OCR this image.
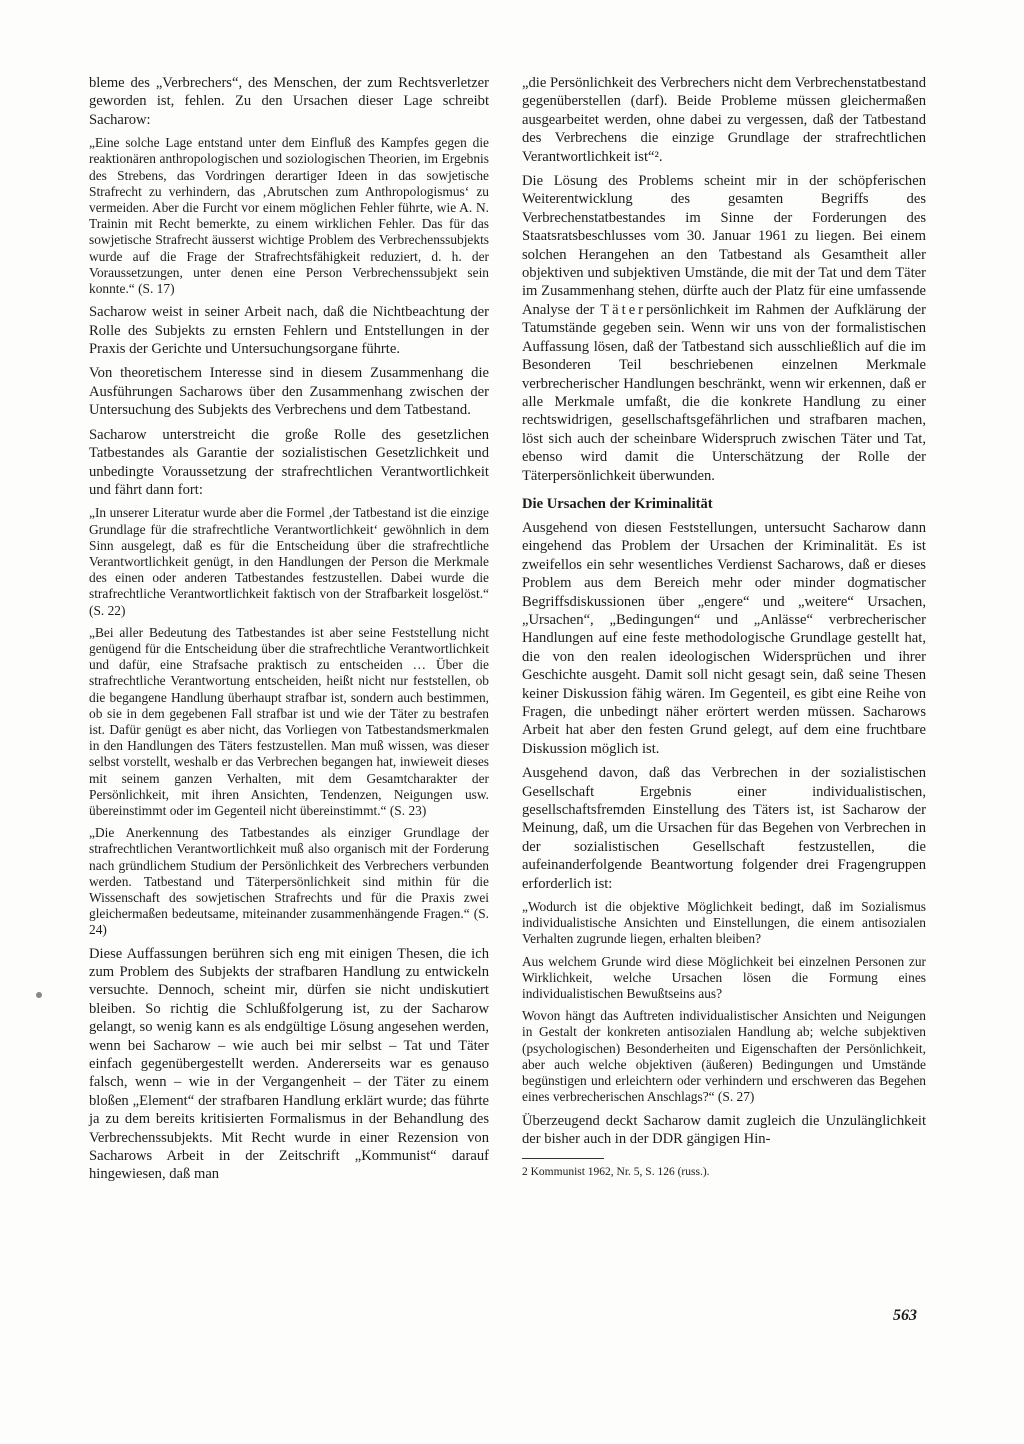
bleme des „Verbrechers“, des Menschen, der zum Rechtsverletzer geworden ist, fehlen. Zu den Ursachen dieser Lage schreibt Sacharow:

„Eine solche Lage entstand unter dem Einfluß des Kampfes gegen die reaktionären anthropologischen und soziologischen Theorien, im Ergebnis des Strebens, das Vordringen derartiger Ideen in das sowjetische Strafrecht zu verhindern, das ‚Abrutschen zum Anthropologismus‘ zu vermeiden. Aber die Furcht vor einem möglichen Fehler führte, wie A. N. Trainin mit Recht bemerkte, zu einem wirklichen Fehler. Das für das sowjetische Strafrecht äusserst wichtige Problem des Verbrechenssubjekts wurde auf die Frage der Strafrechtsfähigkeit reduziert, d. h. der Voraussetzungen, unter denen eine Person Verbrechenssubjekt sein konnte.“ (S. 17)

Sacharow weist in seiner Arbeit nach, daß die Nichtbeachtung der Rolle des Subjekts zu ernsten Fehlern und Entstellungen in der Praxis der Gerichte und Untersuchungsorgane führte.

Von theoretischem Interesse sind in diesem Zusammenhang die Ausführungen Sacharows über den Zusammenhang zwischen der Untersuchung des Subjekts des Verbrechens und dem Tatbestand.

Sacharow unterstreicht die große Rolle des gesetzlichen Tatbestandes als Garantie der sozialistischen Gesetzlichkeit und unbedingte Voraussetzung der strafrechtlichen Verantwortlichkeit und fährt dann fort:

„In unserer Literatur wurde aber die Formel ‚der Tatbestand ist die einzige Grundlage für die strafrechtliche Verantwortlichkeit‘ gewöhnlich in dem Sinn ausgelegt, daß es für die Entscheidung über die strafrechtliche Verantwortlichkeit genügt, in den Handlungen der Person die Merkmale des einen oder anderen Tatbestandes festzustellen. Dabei wurde die strafrechtliche Verantwortlichkeit faktisch von der Strafbarkeit losgelöst.“ (S. 22)

„Bei aller Bedeutung des Tatbestandes ist aber seine Feststellung nicht genügend für die Entscheidung über die strafrechtliche Verantwortlichkeit und dafür, eine Strafsache praktisch zu entscheiden … Über die strafrechtliche Verantwortung entscheiden, heißt nicht nur feststellen, ob die begangene Handlung überhaupt strafbar ist, sondern auch bestimmen, ob sie in dem gegebenen Fall strafbar ist und wie der Täter zu bestrafen ist. Dafür genügt es aber nicht, das Vorliegen von Tatbestandsmerkmalen in den Handlungen des Täters festzustellen. Man muß wissen, was dieser selbst vorstellt, weshalb er das Verbrechen begangen hat, inwieweit dieses mit seinem ganzen Verhalten, mit dem Gesamtcharakter der Persönlichkeit, mit ihren Ansichten, Tendenzen, Neigungen usw. übereinstimmt oder im Gegenteil nicht übereinstimmt.“ (S. 23)

„Die Anerkennung des Tatbestandes als einziger Grundlage der strafrechtlichen Verantwortlichkeit muß also organisch mit der Forderung nach gründlichem Studium der Persönlichkeit des Verbrechers verbunden werden. Tatbestand und Täterpersönlichkeit sind mithin für die Wissenschaft des sowjetischen Strafrechts und für die Praxis zwei gleichermaßen bedeutsame, miteinander zusammenhängende Fragen.“ (S. 24)

Diese Auffassungen berühren sich eng mit einigen Thesen, die ich zum Problem des Subjekts der strafbaren Handlung zu entwickeln versuchte. Dennoch, scheint mir, dürfen sie nicht undiskutiert bleiben. So richtig die Schlußfolgerung ist, zu der Sacharow gelangt, so wenig kann es als endgültige Lösung angesehen werden, wenn bei Sacharow – wie auch bei mir selbst – Tat und Täter einfach gegenübergestellt werden. Andererseits war es genauso falsch, wenn – wie in der Vergangenheit – der Täter zu einem bloßen „Element“ der strafbaren Handlung erklärt wurde; das führte ja zu dem bereits kritisierten Formalismus in der Behandlung des Verbrechenssubjekts. Mit Recht wurde in einer Rezension von Sacharows Arbeit in der Zeitschrift „Kommunist“ darauf hingewiesen, daß man

„die Persönlichkeit des Verbrechers nicht dem Verbrechenstatbestand gegenüberstellen (darf). Beide Probleme müssen gleichermaßen ausgearbeitet werden, ohne dabei zu vergessen, daß der Tatbestand des Verbrechens die einzige Grundlage der strafrechtlichen Verantwortlichkeit ist“².

Die Lösung des Problems scheint mir in der schöpferischen Weiterentwicklung des gesamten Begriffs des Verbrechenstatbestandes im Sinne der Forderungen des Staatsratsbeschlusses vom 30. Januar 1961 zu liegen. Bei einem solchen Herangehen an den Tatbestand als Gesamtheit aller objektiven und subjektiven Umstände, die mit der Tat und dem Täter im Zusammenhang stehen, dürfte auch der Platz für eine umfassende Analyse der Täterpersönlichkeit im Rahmen der Aufklärung der Tatumstände gegeben sein. Wenn wir uns von der formalistischen Auffassung lösen, daß der Tatbestand sich ausschließlich auf die im Besonderen Teil beschriebenen einzelnen Merkmale verbrecherischer Handlungen beschränkt, wenn wir erkennen, daß er alle Merkmale umfaßt, die die konkrete Handlung zu einer rechtswidrigen, gesellschaftsgefährlichen und strafbaren machen, löst sich auch der scheinbare Widerspruch zwischen Täter und Tat, ebenso wird damit die Unterschätzung der Rolle der Täterpersönlichkeit überwunden.

Die Ursachen der Kriminalität

Ausgehend von diesen Feststellungen, untersucht Sacharow dann eingehend das Problem der Ursachen der Kriminalität. Es ist zweifellos ein sehr wesentliches Verdienst Sacharows, daß er dieses Problem aus dem Bereich mehr oder minder dogmatischer Begriffsdiskussionen über „engere“ und „weitere“ Ursachen, „Ursachen“, „Bedingungen“ und „Anlässe“ verbrecherischer Handlungen auf eine feste methodologische Grundlage gestellt hat, die von den realen ideologischen Widersprüchen und ihrer Geschichte ausgeht. Damit soll nicht gesagt sein, daß seine Thesen keiner Diskussion fähig wären. Im Gegenteil, es gibt eine Reihe von Fragen, die unbedingt näher erörtert werden müssen. Sacharows Arbeit hat aber den festen Grund gelegt, auf dem eine fruchtbare Diskussion möglich ist.

Ausgehend davon, daß das Verbrechen in der sozialistischen Gesellschaft Ergebnis einer individualistischen, gesellschaftsfremden Einstellung des Täters ist, ist Sacharow der Meinung, daß, um die Ursachen für das Begehen von Verbrechen in der sozialistischen Gesellschaft festzustellen, die aufeinanderfolgende Beantwortung folgender drei Fragengruppen erforderlich ist:

„Wodurch ist die objektive Möglichkeit bedingt, daß im Sozialismus individualistische Ansichten und Einstellungen, die einem antisozialen Verhalten zugrunde liegen, erhalten bleiben?

Aus welchem Grunde wird diese Möglichkeit bei einzelnen Personen zur Wirklichkeit, welche Ursachen lösen die Formung eines individualistischen Bewußtseins aus?

Wovon hängt das Auftreten individualistischer Ansichten und Neigungen in Gestalt der konkreten antisozialen Handlung ab; welche subjektiven (psychologischen) Besonderheiten und Eigenschaften der Persönlichkeit, aber auch welche objektiven (äußeren) Bedingungen und Umstände begünstigen und erleichtern oder verhindern und erschweren das Begehen eines verbrecherischen Anschlags?“ (S. 27)

Überzeugend deckt Sacharow damit zugleich die Unzulänglichkeit der bisher auch in der DDR gängigen Hin-

2 Kommunist 1962, Nr. 5, S. 126 (russ.).

563
